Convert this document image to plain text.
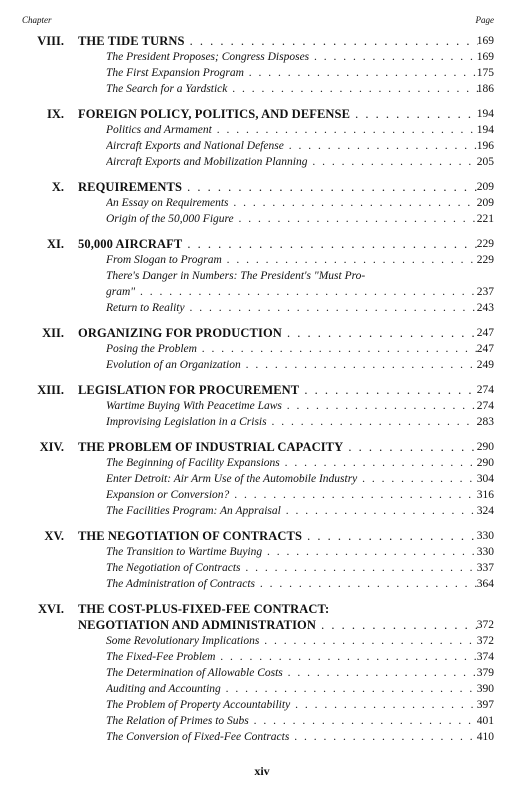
Chapter	Page
VIII. THE TIDE TURNS . . .	169
The President Proposes; Congress Disposes . . .	169
The First Expansion Program . . .	175
The Search for a Yardstick . . .	186
IX. FOREIGN POLICY, POLITICS, AND DEFENSE . . .	194
Politics and Armament . . .	194
Aircraft Exports and National Defense . . .	196
Aircraft Exports and Mobilization Planning . . .	205
X. REQUIREMENTS . . .	209
An Essay on Requirements . . .	209
Origin of the 50,000 Figure . . .	221
XI. 50,000 AIRCRAFT . . .	229
From Slogan to Program . . .	229
There's Danger in Numbers: The President's "Must Pro-
gram" . . .	237
Return to Reality . . .	243
XII. ORGANIZING FOR PRODUCTION . . .	247
Posing the Problem . . .	247
Evolution of an Organization . . .	249
XIII. LEGISLATION FOR PROCUREMENT . . .	274
Wartime Buying With Peacetime Laws . . .	274
Improvising Legislation in a Crisis . . .	283
XIV. THE PROBLEM OF INDUSTRIAL CAPACITY . . .	290
The Beginning of Facility Expansions . . .	290
Enter Detroit: Air Arm Use of the Automobile Industry . . .	304
Expansion or Conversion? . . .	316
The Facilities Program: An Appraisal . . .	324
XV. THE NEGOTIATION OF CONTRACTS . . .	330
The Transition to Wartime Buying . . .	330
The Negotiation of Contracts . . .	337
The Administration of Contracts . . .	364
XVI. THE COST-PLUS-FIXED-FEE CONTRACT:
NEGOTIATION AND ADMINISTRATION . . .	372
Some Revolutionary Implications . . .	372
The Fixed-Fee Problem . . .	374
The Determination of Allowable Costs . . .	379
Auditing and Accounting . . .	390
The Problem of Property Accountability . . .	397
The Relation of Primes to Subs . . .	401
The Conversion of Fixed-Fee Contracts . . .	410
xiv
